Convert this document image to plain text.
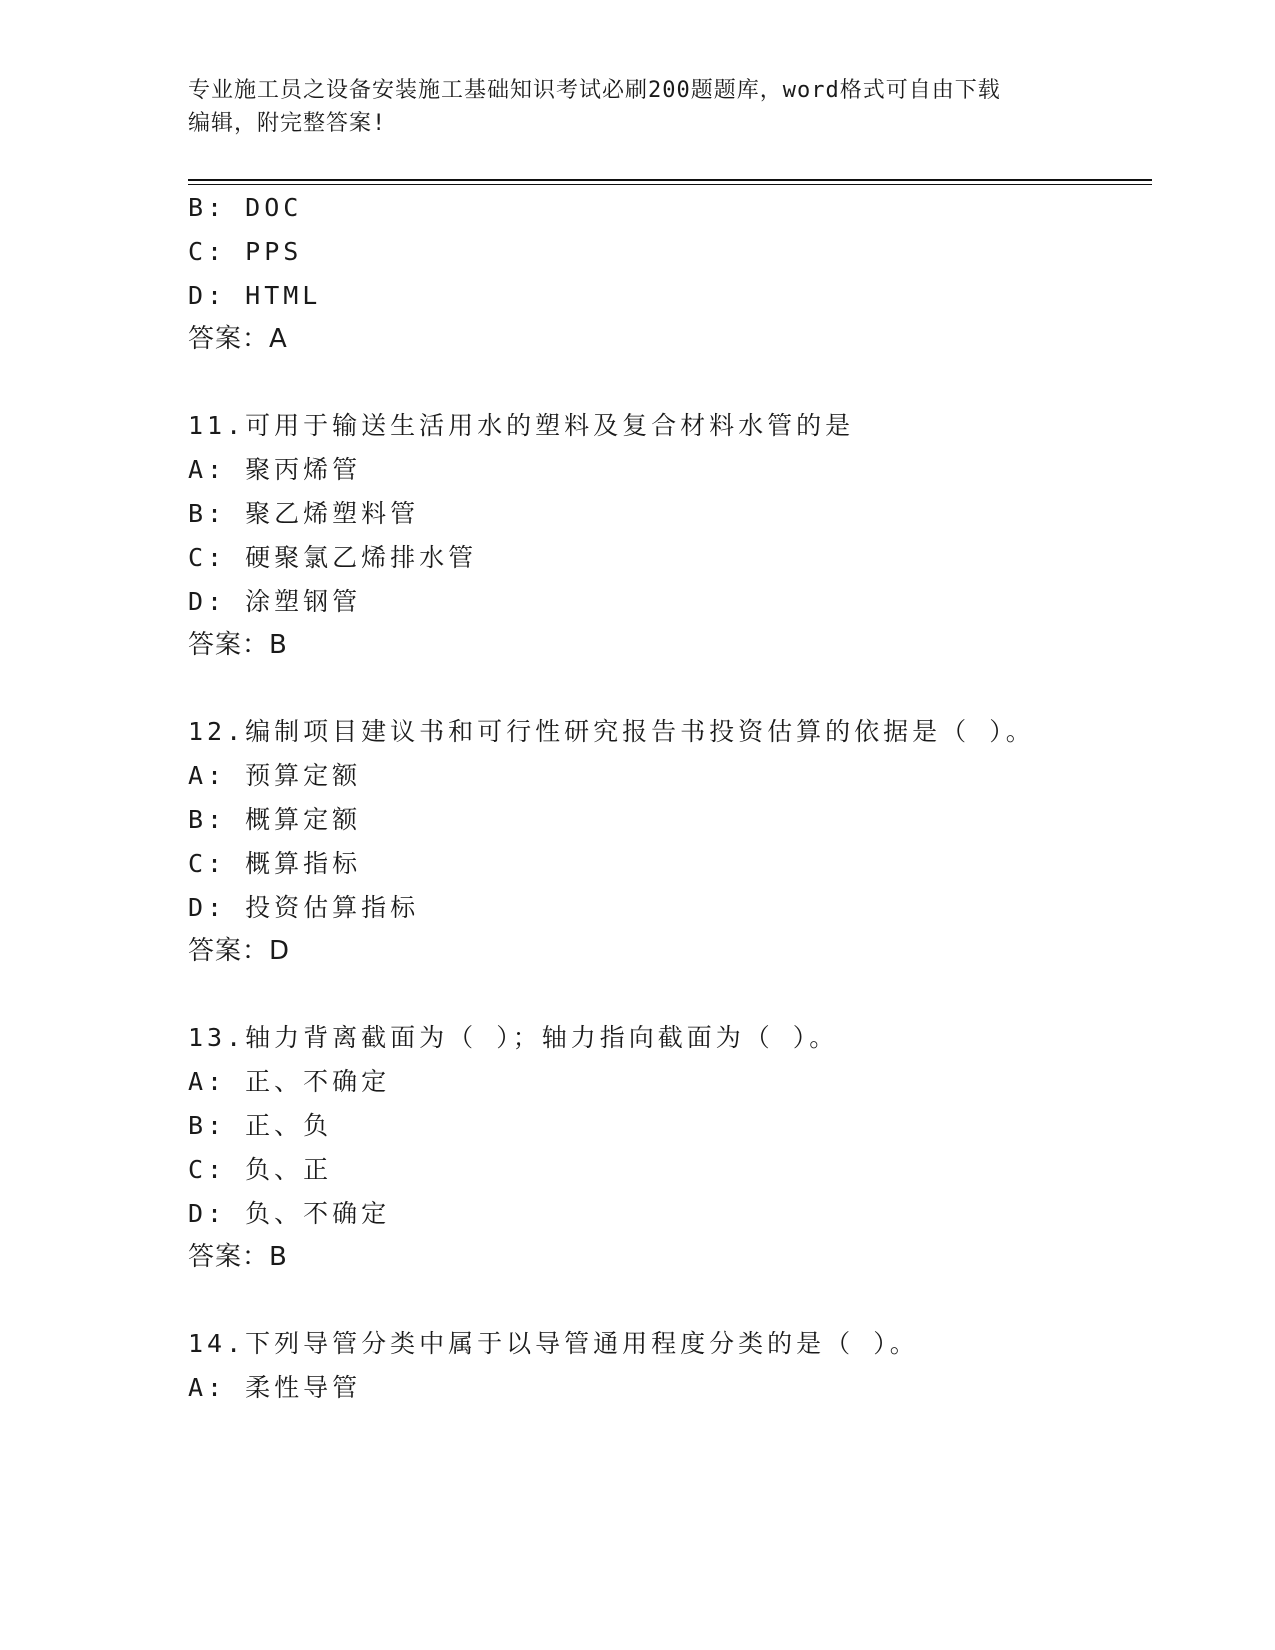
专业施工员之设备安装施工基础知识考试必刷200题题库，word格式可自由下载
编辑，附完整答案!
B: DOC
C: PPS
D: HTML
答案：A
11.可用于输送生活用水的塑料及复合材料水管的是
A: 聚丙烯管
B: 聚乙烯塑料管
C: 硬聚氯乙烯排水管
D: 涂塑钢管
答案：B
12.编制项目建议书和可行性研究报告书投资估算的依据是（ ）。
A: 预算定额
B: 概算定额
C: 概算指标
D: 投资估算指标
答案：D
13.轴力背离截面为（ ）；轴力指向截面为（ ）。
A: 正、不确定
B: 正、负
C: 负、正
D: 负、不确定
答案：B
14.下列导管分类中属于以导管通用程度分类的是（ ）。
A: 柔性导管
